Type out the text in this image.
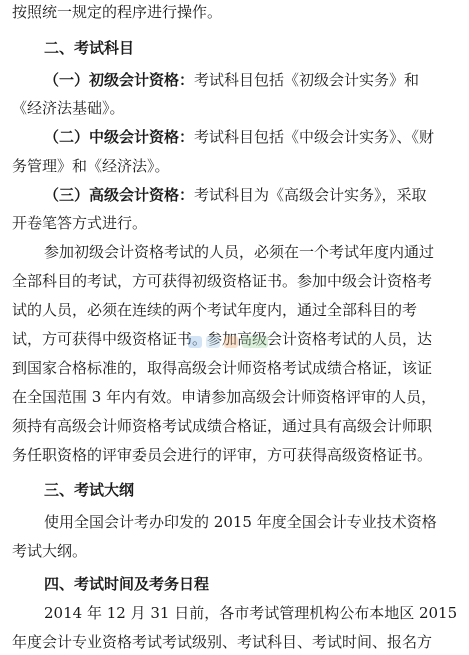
按照统一规定的程序进行操作。
二、考试科目
（一）初级会计资格：考试科目包括《初级会计实务》和
《经济法基础》。
（二）中级会计资格：考试科目包括《中级会计实务》、《财
务管理》和《经济法》。
（三）高级会计资格：考试科目为《高级会计实务》，采取
开卷笔答方式进行。
参加初级会计资格考试的人员，必须在一个考试年度内通过
全部科目的考试，方可获得初级资格证书。参加中级会计资格考
试的人员，必须在连续的两个考试年度内，通过全部科目的考
试，方可获得中级资格证书。参加高级会计资格考试的人员，达
到国家合格标准的，取得高级会计师资格考试成绩合格证，该证
在全国范围 3 年内有效。申请参加高级会计师资格评审的人员，
须持有高级会计师资格考试成绩合格证，通过具有高级会计师职
务任职资格的评审委员会进行的评审，方可获得高级资格证书。
三、考试大纲
使用全国会计考办印发的 2015 年度全国会计专业技术资格
考试大纲。
四、考试时间及考务日程
2014 年 12 月 31 日前，各市考试管理机构公布本地区 2015
年度会计专业资格考试考试级别、考试科目、考试时间、报名方
